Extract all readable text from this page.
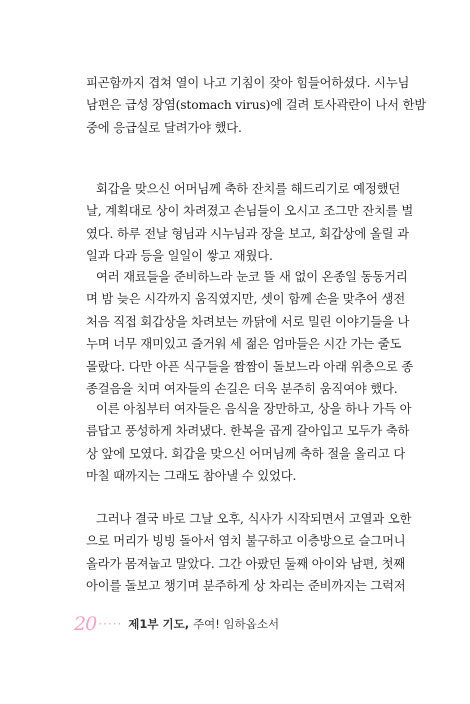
피곤함까지 겹쳐 열이 나고 기침이 잦아 힘들어하셨다. 시누님
남편은 급성 장염(stomach virus)에 걸려 토사곽란이 나서 한밤
중에 응급실로 달려가야 했다.
회갑을 맞으신 어머님께 축하 잔치를 해드리기로 예정했던
날, 계획대로 상이 차려졌고 손님들이 오시고 조그만 잔치를 벌
였다. 하루 전날 형님과 시누님과 장을 보고, 회갑상에 올릴 과
일과 다과 등을 일일이 쌓고 재웠다.
여러 재료들을 준비하느라 눈코 뜰 새 없이 온종일 동동거리
며 밤 늦은 시각까지 움직였지만, 셋이 함께 손을 맞추어 생전
처음 직접 회갑상을 차려보는 까닭에 서로 밀린 이야기들을 나
누며 너무 재미있고 즐거워 세 젊은 엄마들은 시간 가는 줄도
몰랐다. 다만 아픈 식구들을 짬짬이 돌보느라 아래 위층으로 종
종걸음을 치며 여자들의 손길은 더욱 분주히 움직여야 했다.
이른 아침부터 여자들은 음식을 장만하고, 상을 하나 가득 아
름답고 풍성하게 차려냈다. 한복을 곱게 갈아입고 모두가 축하
상 앞에 모였다. 회갑을 맞으신 어머님께 축하 절을 올리고 다
마칠 때까지는 그래도 참아낼 수 있었다.
그러나 결국 바로 그날 오후, 식사가 시작되면서 고열과 오한
으로 머리가 빙빙 돌아서 염치 불구하고 이층방으로 슬그머니
올라가 몸져눕고 말았다. 그간 아팠던 둘째 아이와 남편, 첫째
아이를 돌보고 챙기며 분주하게 상 차리는 준비까지는 그럭저
20 ····· 제1부 기도, 주여! 임하옵소서
